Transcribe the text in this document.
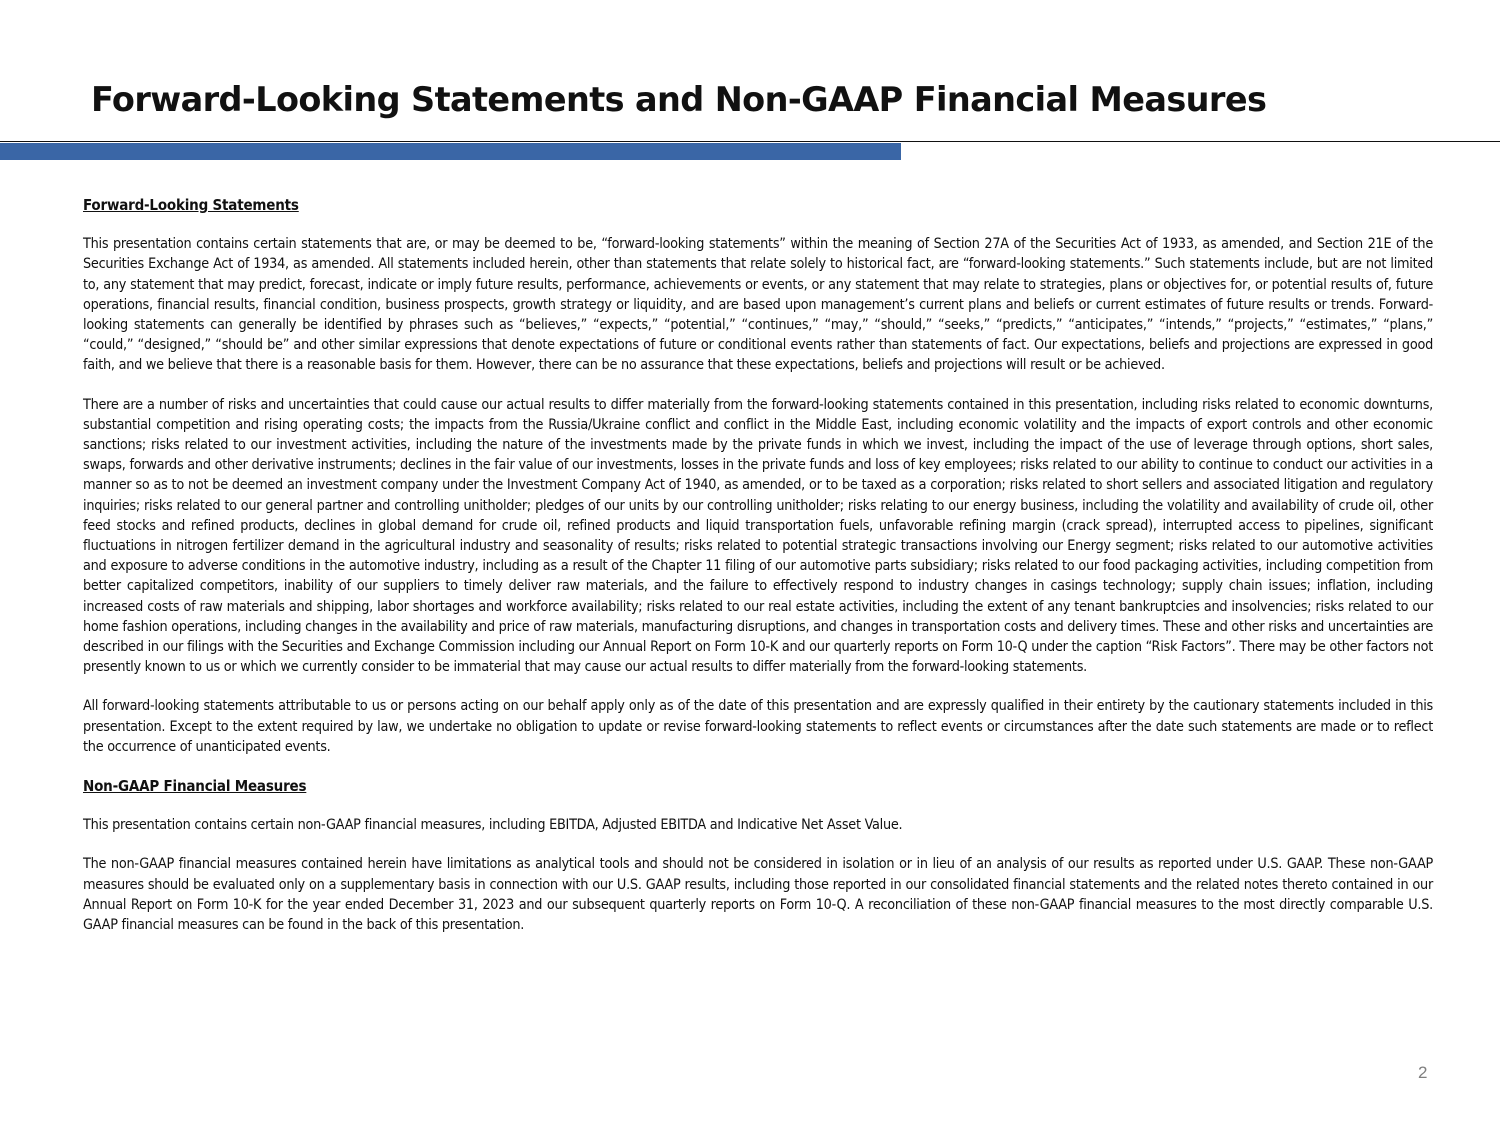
Forward-Looking Statements and Non-GAAP Financial Measures

Forward-Looking Statements

This presentation contains certain statements that are, or may be deemed to be, “forward-looking statements” within the meaning of Section 27A of the Securities Act of 1933, as amended, and Section 21E of the Securities Exchange Act of 1934, as amended. All statements included herein, other than statements that relate solely to historical fact, are “forward-looking statements.” Such statements include, but are not limited to, any statement that may predict, forecast, indicate or imply future results, performance, achievements or events, or any statement that may relate to strategies, plans or objectives for, or potential results of, future operations, financial results, financial condition, business prospects, growth strategy or liquidity, and are based upon management’s current plans and beliefs or current estimates of future results or trends. Forward-looking statements can generally be identified by phrases such as “believes,” “expects,” “potential,” “continues,” “may,” “should,” “seeks,” “predicts,” “anticipates,” “intends,” “projects,” “estimates,” “plans,” “could,” “designed,” “should be” and other similar expressions that denote expectations of future or conditional events rather than statements of fact. Our expectations, beliefs and projections are expressed in good faith, and we believe that there is a reasonable basis for them. However, there can be no assurance that these expectations, beliefs and projections will result or be achieved.

There are a number of risks and uncertainties that could cause our actual results to differ materially from the forward-looking statements contained in this presentation, including risks related to economic downturns, substantial competition and rising operating costs; the impacts from the Russia/Ukraine conflict and conflict in the Middle East, including economic volatility and the impacts of export controls and other economic sanctions; risks related to our investment activities, including the nature of the investments made by the private funds in which we invest, including the impact of the use of leverage through options, short sales, swaps, forwards and other derivative instruments; declines in the fair value of our investments, losses in the private funds and loss of key employees; risks related to our ability to continue to conduct our activities in a manner so as to not be deemed an investment company under the Investment Company Act of 1940, as amended, or to be taxed as a corporation; risks related to short sellers and associated litigation and regulatory inquiries; risks related to our general partner and controlling unitholder; pledges of our units by our controlling unitholder; risks relating to our energy business, including the volatility and availability of crude oil, other feed stocks and refined products, declines in global demand for crude oil, refined products and liquid transportation fuels, unfavorable refining margin (crack spread), interrupted access to pipelines, significant fluctuations in nitrogen fertilizer demand in the agricultural industry and seasonality of results; risks related to potential strategic transactions involving our Energy segment; risks related to our automotive activities and exposure to adverse conditions in the automotive industry, including as a result of the Chapter 11 filing of our automotive parts subsidiary; risks related to our food packaging activities, including competition from better capitalized competitors, inability of our suppliers to timely deliver raw materials, and the failure to effectively respond to industry changes in casings technology; supply chain issues; inflation, including increased costs of raw materials and shipping, labor shortages and workforce availability; risks related to our real estate activities, including the extent of any tenant bankruptcies and insolvencies; risks related to our home fashion operations, including changes in the availability and price of raw materials, manufacturing disruptions, and changes in transportation costs and delivery times. These and other risks and uncertainties are described in our filings with the Securities and Exchange Commission including our Annual Report on Form 10-K and our quarterly reports on Form 10-Q under the caption “Risk Factors”. There may be other factors not presently known to us or which we currently consider to be immaterial that may cause our actual results to differ materially from the forward-looking statements.

All forward-looking statements attributable to us or persons acting on our behalf apply only as of the date of this presentation and are expressly qualified in their entirety by the cautionary statements included in this presentation. Except to the extent required by law, we undertake no obligation to update or revise forward-looking statements to reflect events or circumstances after the date such statements are made or to reflect the occurrence of unanticipated events.

Non-GAAP Financial Measures

This presentation contains certain non-GAAP financial measures, including EBITDA, Adjusted EBITDA and Indicative Net Asset Value.

The non-GAAP financial measures contained herein have limitations as analytical tools and should not be considered in isolation or in lieu of an analysis of our results as reported under U.S. GAAP. These non-GAAP measures should be evaluated only on a supplementary basis in connection with our U.S. GAAP results, including those reported in our consolidated financial statements and the related notes thereto contained in our Annual Report on Form 10-K for the year ended December 31, 2023 and our subsequent quarterly reports on Form 10-Q. A reconciliation of these non-GAAP financial measures to the most directly comparable U.S. GAAP financial measures can be found in the back of this presentation.

2
